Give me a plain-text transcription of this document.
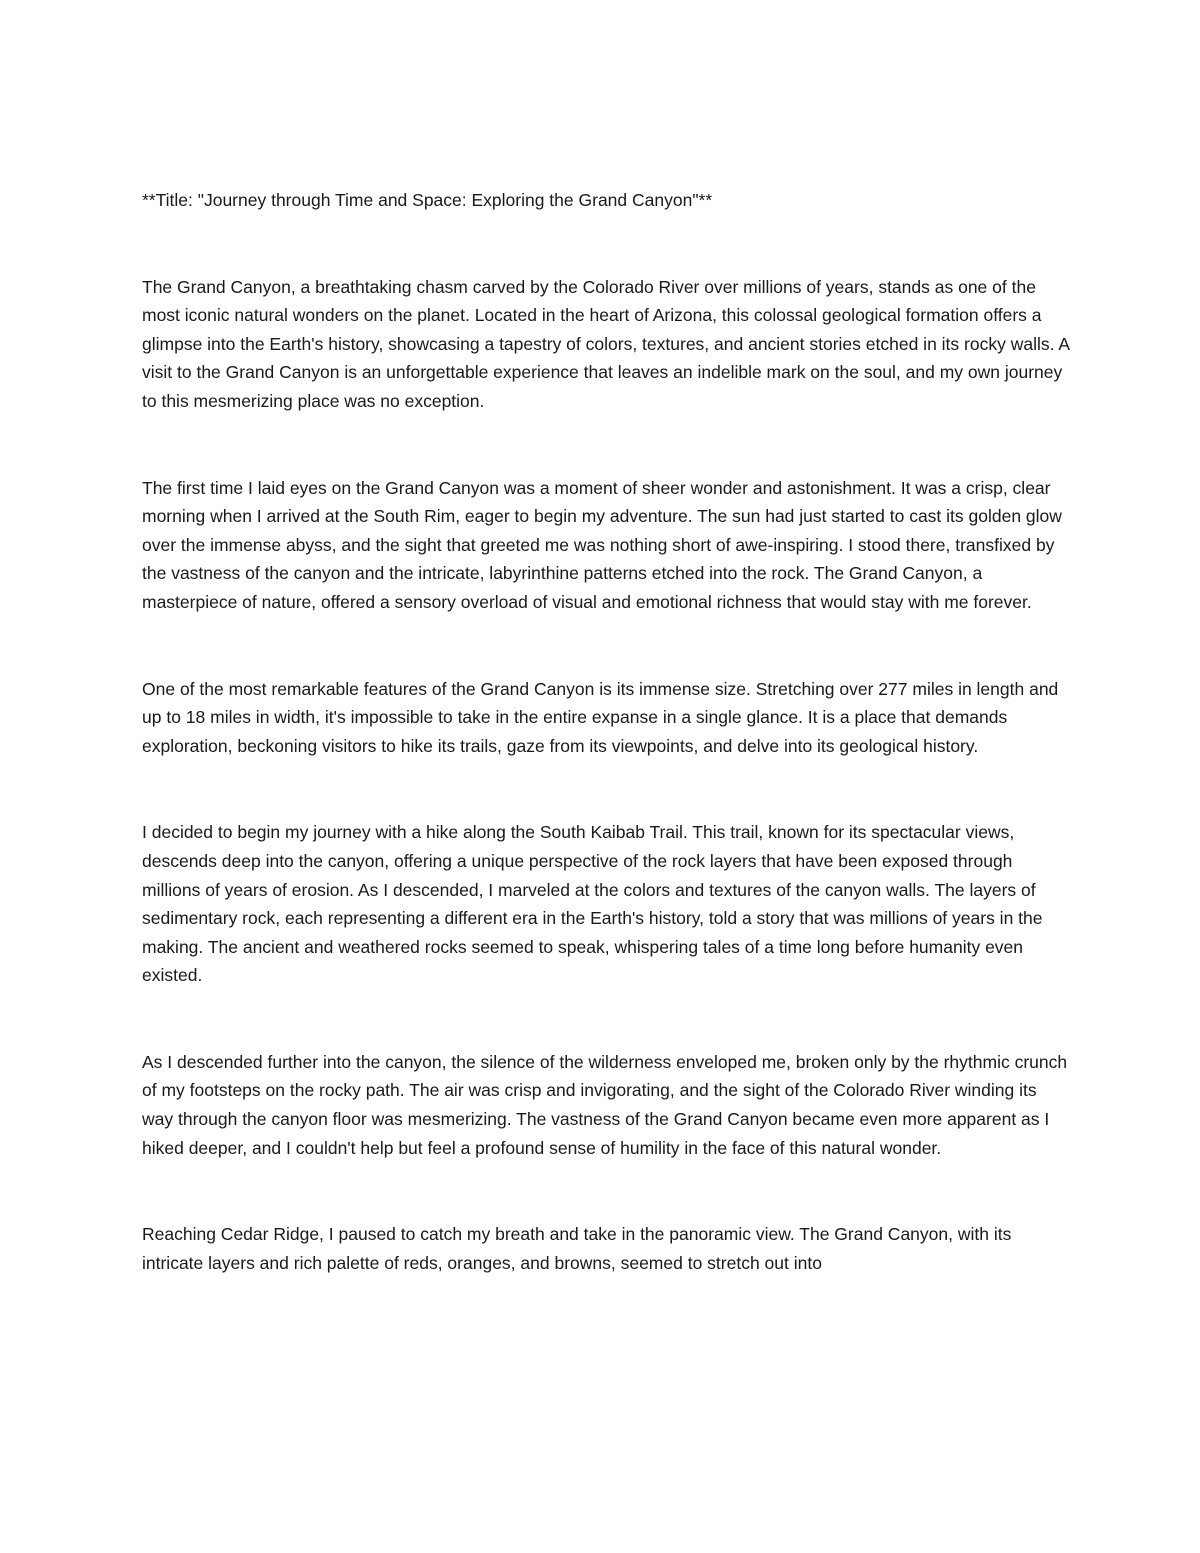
**Title: "Journey through Time and Space: Exploring the Grand Canyon"**

The Grand Canyon, a breathtaking chasm carved by the Colorado River over millions of years, stands as one of the most iconic natural wonders on the planet. Located in the heart of Arizona, this colossal geological formation offers a glimpse into the Earth's history, showcasing a tapestry of colors, textures, and ancient stories etched in its rocky walls. A visit to the Grand Canyon is an unforgettable experience that leaves an indelible mark on the soul, and my own journey to this mesmerizing place was no exception.

The first time I laid eyes on the Grand Canyon was a moment of sheer wonder and astonishment. It was a crisp, clear morning when I arrived at the South Rim, eager to begin my adventure. The sun had just started to cast its golden glow over the immense abyss, and the sight that greeted me was nothing short of awe-inspiring. I stood there, transfixed by the vastness of the canyon and the intricate, labyrinthine patterns etched into the rock. The Grand Canyon, a masterpiece of nature, offered a sensory overload of visual and emotional richness that would stay with me forever.

One of the most remarkable features of the Grand Canyon is its immense size. Stretching over 277 miles in length and up to 18 miles in width, it's impossible to take in the entire expanse in a single glance. It is a place that demands exploration, beckoning visitors to hike its trails, gaze from its viewpoints, and delve into its geological history.

I decided to begin my journey with a hike along the South Kaibab Trail. This trail, known for its spectacular views, descends deep into the canyon, offering a unique perspective of the rock layers that have been exposed through millions of years of erosion. As I descended, I marveled at the colors and textures of the canyon walls. The layers of sedimentary rock, each representing a different era in the Earth's history, told a story that was millions of years in the making. The ancient and weathered rocks seemed to speak, whispering tales of a time long before humanity even existed.

As I descended further into the canyon, the silence of the wilderness enveloped me, broken only by the rhythmic crunch of my footsteps on the rocky path. The air was crisp and invigorating, and the sight of the Colorado River winding its way through the canyon floor was mesmerizing. The vastness of the Grand Canyon became even more apparent as I hiked deeper, and I couldn't help but feel a profound sense of humility in the face of this natural wonder.

Reaching Cedar Ridge, I paused to catch my breath and take in the panoramic view. The Grand Canyon, with its intricate layers and rich palette of reds, oranges, and browns, seemed to stretch out into
